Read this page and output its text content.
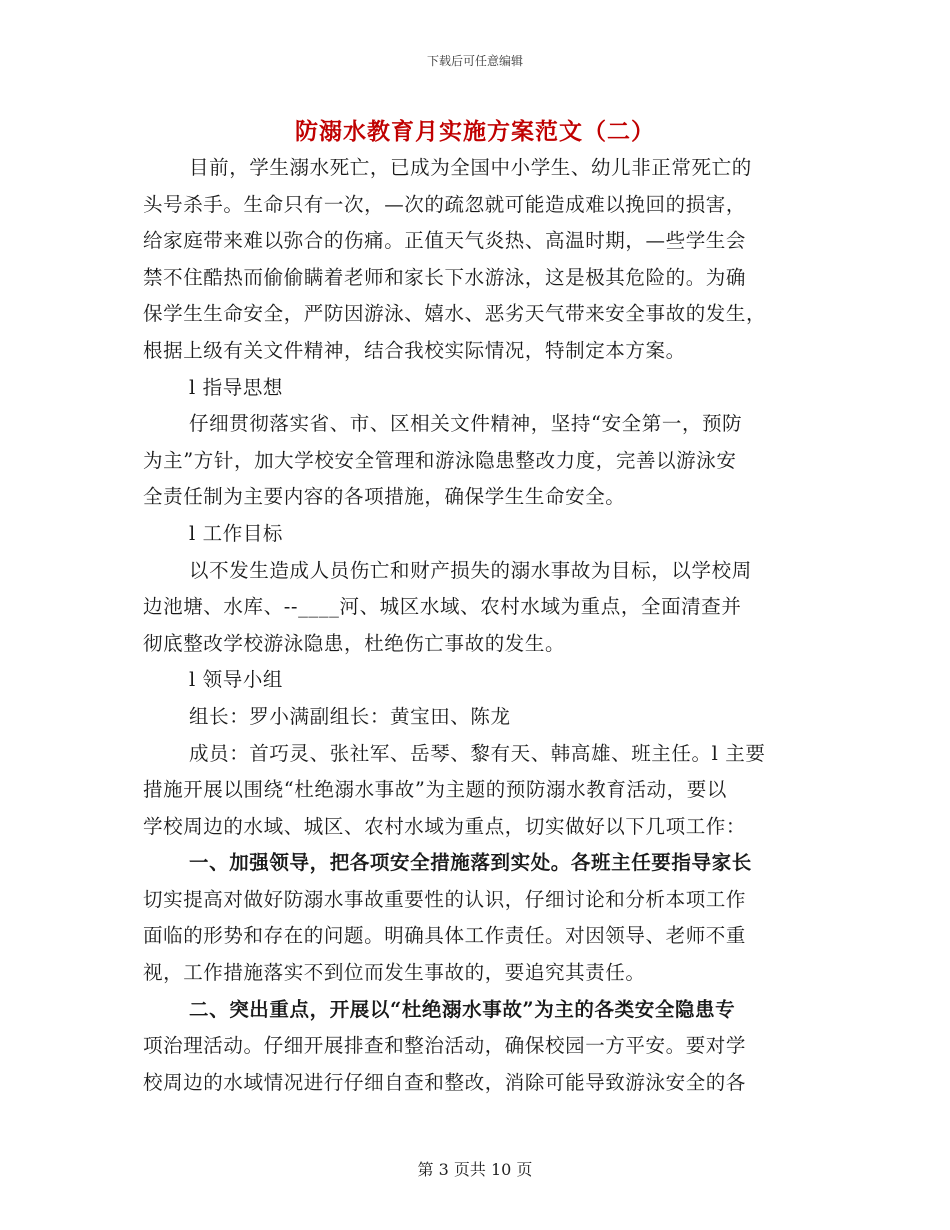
下载后可任意编辑
防溺水教育月实施方案范文（二）
目前，学生溺水死亡，已成为全国中小学生、幼儿非正常死亡的
头号杀手。生命只有一次，—次的疏忽就可能造成难以挽回的损害，
给家庭带来难以弥合的伤痛。正值天气炎热、高温时期，—些学生会
禁不住酷热而偷偷瞒着老师和家长下水游泳，这是极其危险的。为确
保学生生命安全，严防因游泳、嬉水、恶劣天气带来安全事故的发生，
根据上级有关文件精神，结合我校实际情况，特制定本方案。
l 指导思想
仔细贯彻落实省、市、区相关文件精神，坚持“安全第一，预防
为主”方针，加大学校安全管理和游泳隐患整改力度，完善以游泳安
全责任制为主要内容的各项措施，确保学生生命安全。
l 工作目标
以不发生造成人员伤亡和财产损失的溺水事故为目标，以学校周
边池塘、水库、--____河、城区水域、农村水域为重点，全面清查并
彻底整改学校游泳隐患，杜绝伤亡事故的发生。
l 领导小组
组长：罗小满副组长：黄宝田、陈龙
成员：首巧灵、张社军、岳琴、黎有天、韩高雄、班主任。l 主要
措施开展以围绕“杜绝溺水事故”为主题的预防溺水教育活动，要以
学校周边的水域、城区、农村水域为重点，切实做好以下几项工作：
一、加强领导，把各项安全措施落到实处。各班主任要指导家长
切实提高对做好防溺水事故重要性的认识，仔细讨论和分析本项工作
面临的形势和存在的问题。明确具体工作责任。对因领导、老师不重
视，工作措施落实不到位而发生事故的，要追究其责任。
二、突出重点，开展以“杜绝溺水事故”为主的各类安全隐患专
项治理活动。仔细开展排查和整治活动，确保校园一方平安。要对学
校周边的水域情况进行仔细自查和整改，消除可能导致游泳安全的各
第 3 页共 10 页
